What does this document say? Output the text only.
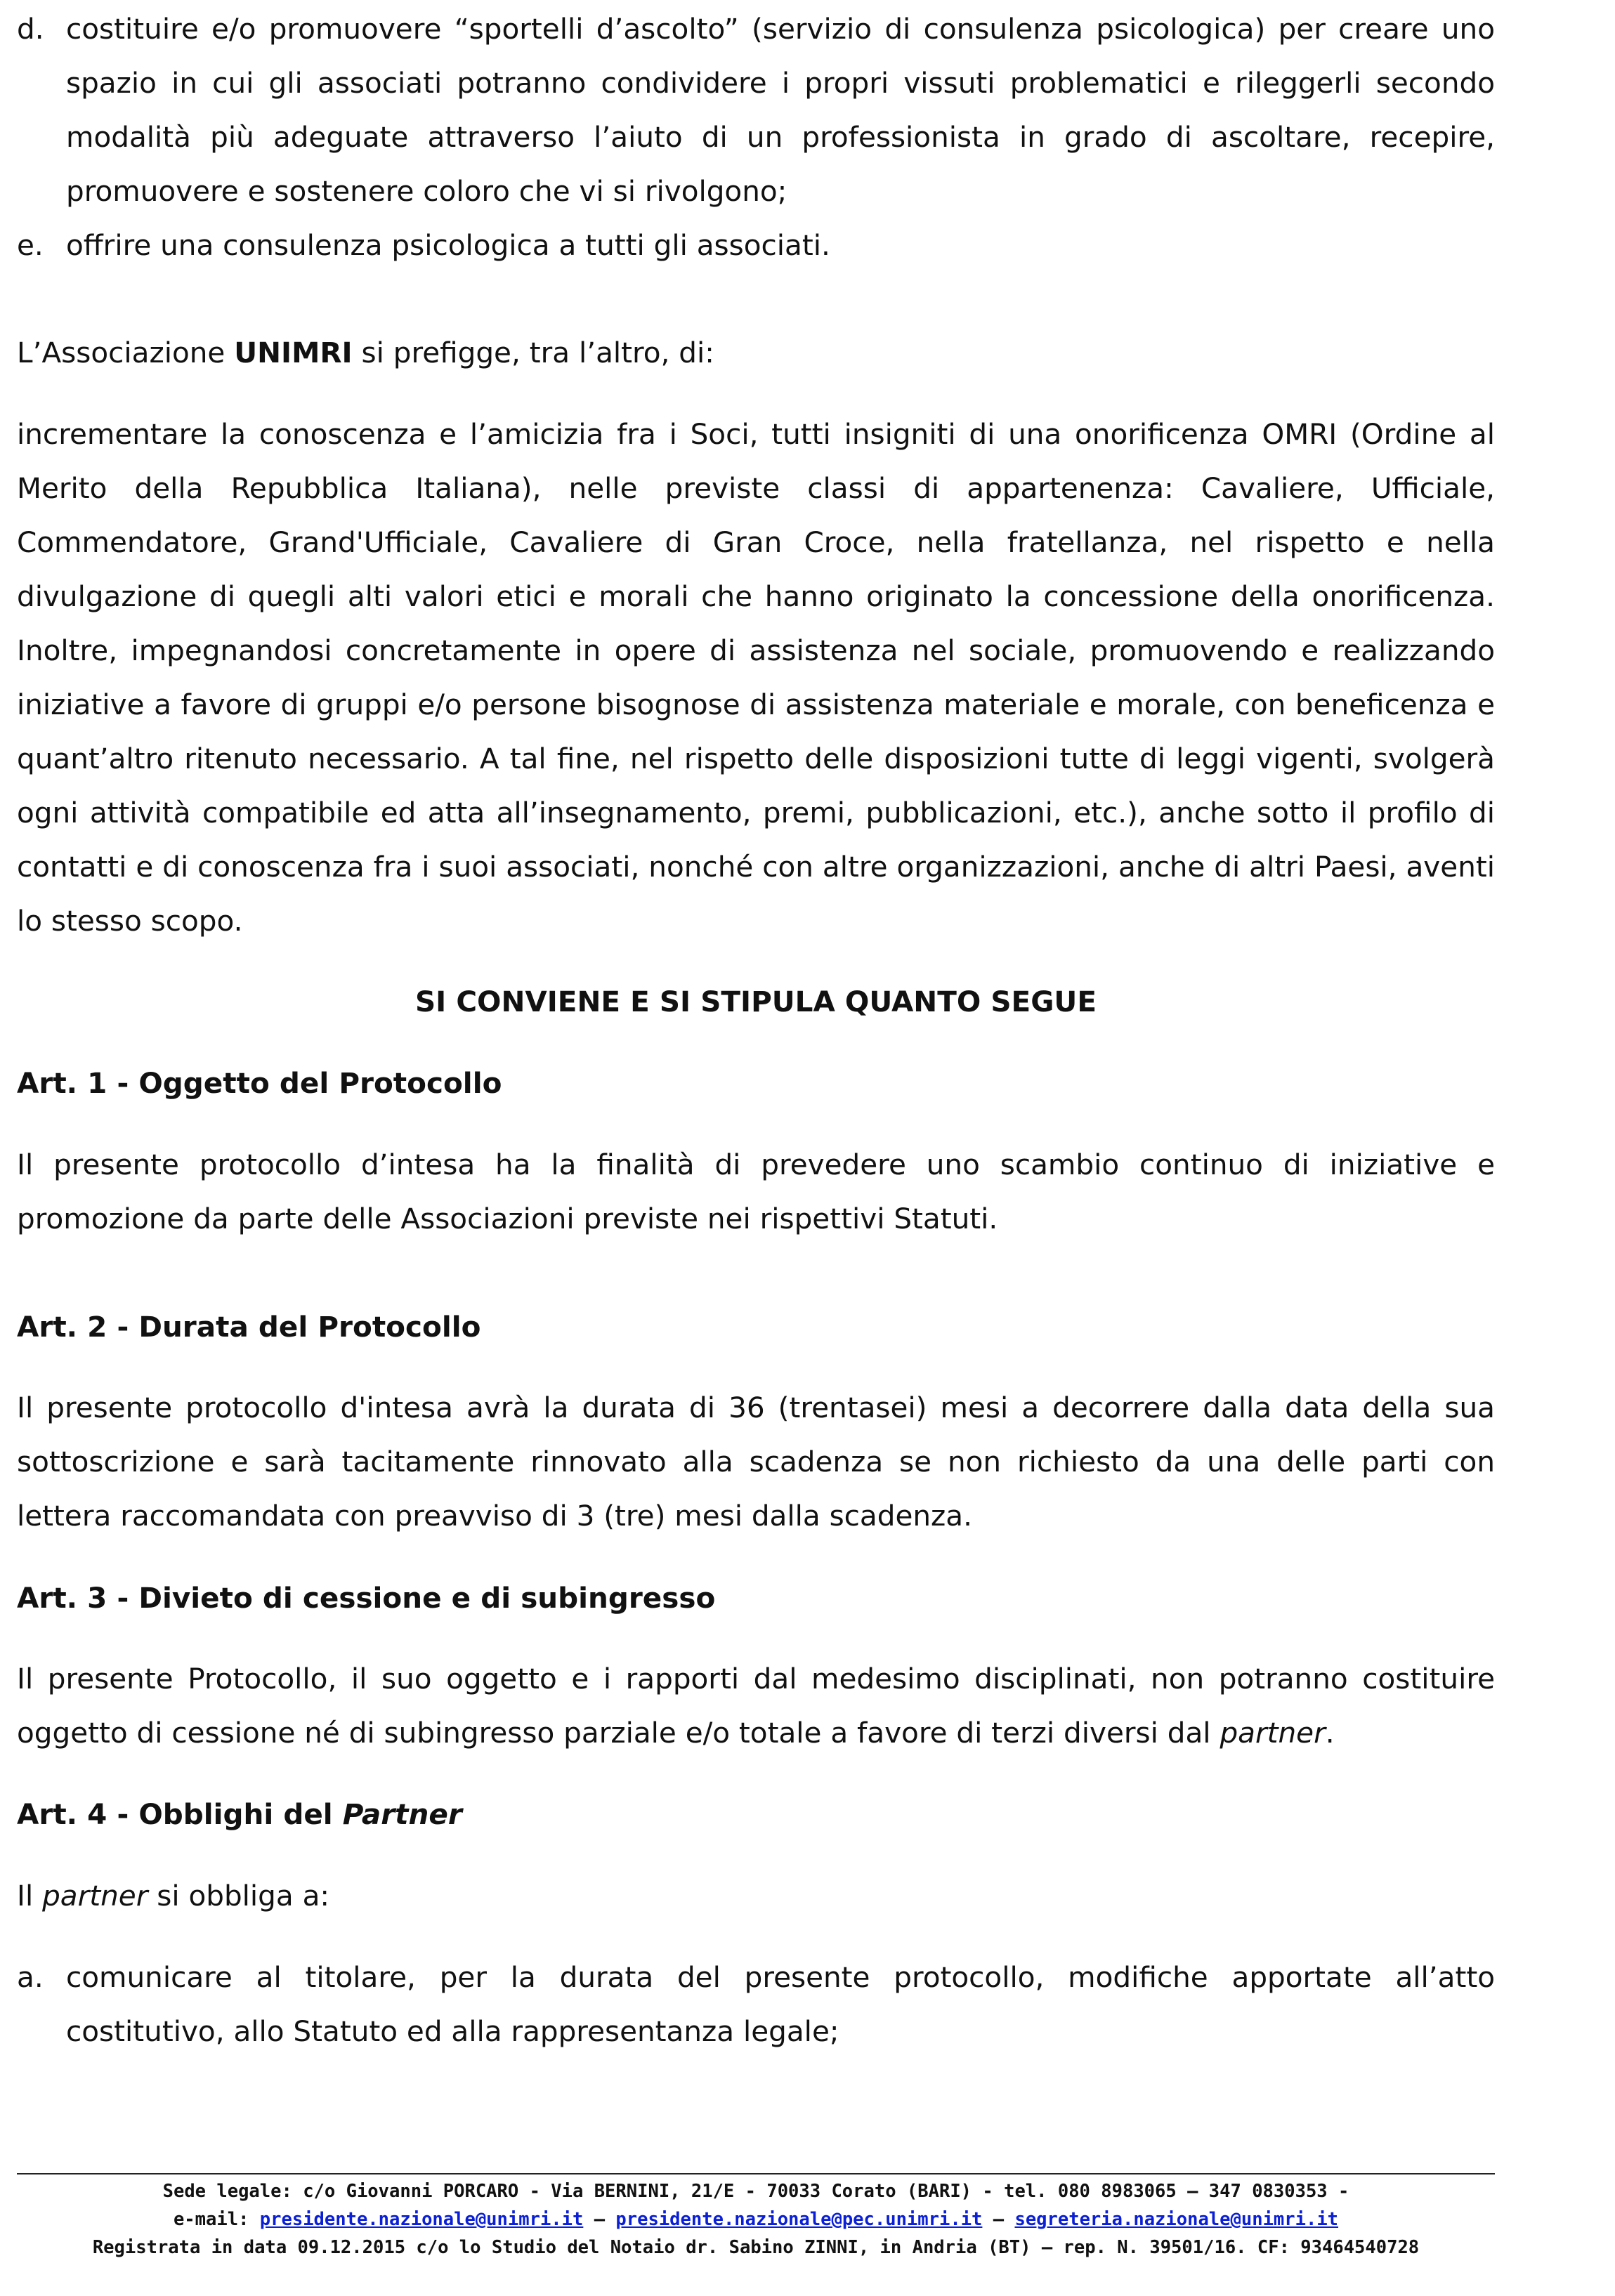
d. costituire e/o promuovere “sportelli d’ascolto” (servizio di consulenza psicologica) per creare uno spazio in cui gli associati potranno condividere i propri vissuti problematici e rileggerli secondo modalità più adeguate attraverso l’aiuto di un professionista in grado di ascoltare, recepire, promuovere e sostenere coloro che vi si rivolgono;
e. offrire una consulenza psicologica a tutti gli associati.

L’Associazione UNIMRI si prefigge, tra l’altro, di:

incrementare la conoscenza e l’amicizia fra i Soci, tutti insigniti di una onorificenza OMRI (Ordine al Merito della Repubblica Italiana), nelle previste classi di appartenenza: Cavaliere, Ufficiale, Commendatore, Grand'Ufficiale, Cavaliere di Gran Croce, nella fratellanza, nel rispetto e nella divulgazione di quegli alti valori etici e morali che hanno originato la concessione della onorificenza. Inoltre, impegnandosi concretamente in opere di assistenza nel sociale, promuovendo e realizzando iniziative a favore di gruppi e/o persone bisognose di assistenza materiale e morale, con beneficenza e quant’altro ritenuto necessario. A tal fine, nel rispetto delle disposizioni tutte di leggi vigenti, svolgerà ogni attività compatibile ed atta all’insegnamento, premi, pubblicazioni, etc.), anche sotto il profilo di contatti e di conoscenza fra i suoi associati, nonché con altre organizzazioni, anche di altri Paesi, aventi lo stesso scopo.

SI CONVIENE E SI STIPULA QUANTO SEGUE

Art. 1 - Oggetto del Protocollo

Il presente protocollo d’intesa ha la finalità di prevedere uno scambio continuo di iniziative e promozione da parte delle Associazioni previste nei rispettivi Statuti.

Art. 2 - Durata del Protocollo

Il presente protocollo d'intesa avrà la durata di 36 (trentasei) mesi a decorrere dalla data della sua sottoscrizione e sarà tacitamente rinnovato alla scadenza se non richiesto da una delle parti con lettera raccomandata con preavviso di 3 (tre) mesi dalla scadenza.

Art. 3 - Divieto di cessione e di subingresso

Il presente Protocollo, il suo oggetto e i rapporti dal medesimo disciplinati, non potranno costituire oggetto di cessione né di subingresso parziale e/o totale a favore di terzi diversi dal partner.

Art. 4 - Obblighi del Partner

Il partner si obbliga a:

a. comunicare al titolare, per la durata del presente protocollo, modifiche apportate all’atto costitutivo, allo Statuto ed alla rappresentanza legale;
Sede legale: c/o Giovanni PORCARO - Via BERNINI, 21/E - 70033 Corato (BARI) - tel. 080 8983065 – 347 0830353 -
e-mail: presidente.nazionale@unimri.it – presidente.nazionale@pec.unimri.it – segreteria.nazionale@unimri.it
Registrata in data 09.12.2015 c/o lo Studio del Notaio dr. Sabino ZINNI, in Andria (BT) – rep. N. 39501/16. CF: 93464540728
